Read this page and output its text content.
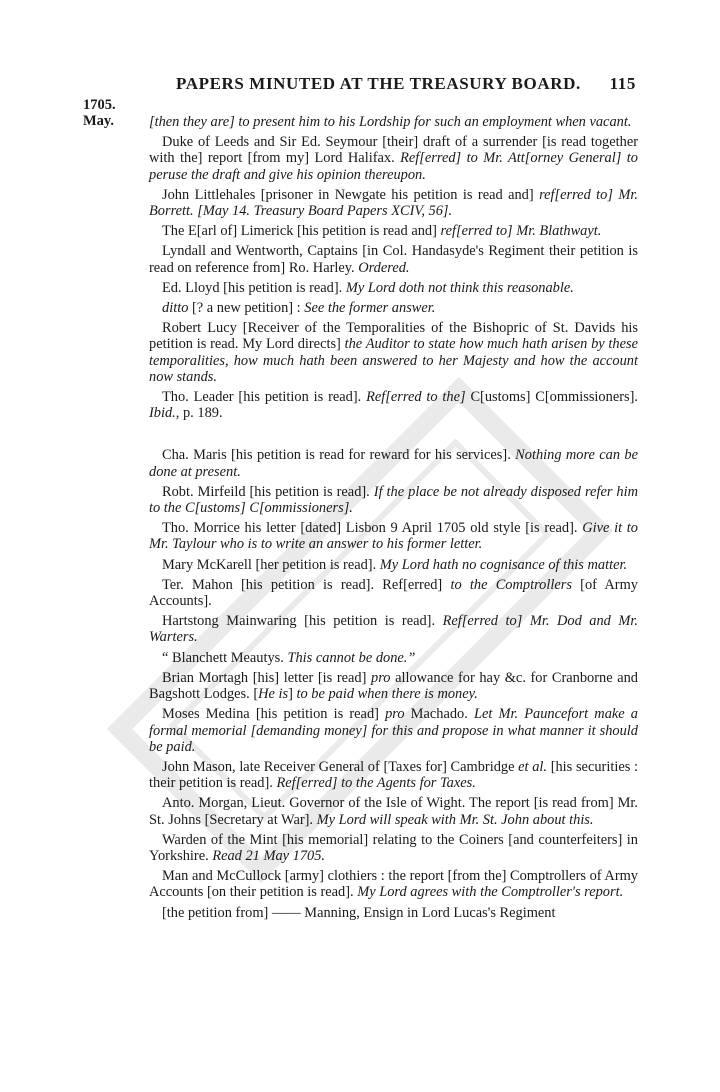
PAPERS MINUTED AT THE TREASURY BOARD. 115
1705.
May. [then they are] to present him to his Lordship for such an employment when vacant.

Duke of Leeds and Sir Ed. Seymour [their] draft of a surrender [is read together with the] report [from my] Lord Halifax. Ref[erred] to Mr. Att[orney General] to peruse the draft and give his opinion thereupon.

John Littlehales [prisoner in Newgate his petition is read and] ref[erred to] Mr. Borrett. [May 14. Treasury Board Papers XCIV, 56].

The E[arl of] Limerick [his petition is read and] ref[erred to] Mr. Blathwayt.

Lyndall and Wentworth, Captains [in Col. Handasyde's Regiment their petition is read on reference from] Ro. Harley. Ordered.

Ed. Lloyd [his petition is read]. My Lord doth not think this reasonable.

ditto [? a new petition] : See the former answer.

Robert Lucy [Receiver of the Temporalities of the Bishopric of St. Davids his petition is read. My Lord directs] the Auditor to state how much hath arisen by these temporalities, how much hath been answered to her Majesty and how the account now stands.

Tho. Leader [his petition is read]. Ref[erred to the] C[ustoms] C[ommissioners]. Ibid., p. 189.

Cha. Maris [his petition is read for reward for his services]. Nothing more can be done at present.

Robt. Mirfeild [his petition is read]. If the place be not already disposed refer him to the C[ustoms] C[ommissioners].

Tho. Morrice his letter [dated] Lisbon 9 April 1705 old style [is read]. Give it to Mr. Taylour who is to write an answer to his former letter.

Mary McKarell [her petition is read]. My Lord hath no cognisance of this matter.

Ter. Mahon [his petition is read]. Ref[erred] to the Comptrollers [of Army Accounts].

Hartstong Mainwaring [his petition is read]. Ref[erred to] Mr. Dod and Mr. Warters.

“ Blanchett Meautys. This cannot be done.”

Brian Mortagh [his] letter [is read] pro allowance for hay &c. for Cranborne and Bagshott Lodges. [He is] to be paid when there is money.

Moses Medina [his petition is read] pro Machado. Let Mr. Pauncefort make a formal memorial [demanding money] for this and propose in what manner it should be paid.

John Mason, late Receiver General of [Taxes for] Cambridge et al. [his securities : their petition is read]. Ref[erred] to the Agents for Taxes.

Anto. Morgan, Lieut. Governor of the Isle of Wight. The report [is read from] Mr. St. Johns [Secretary at War]. My Lord will speak with Mr. St. John about this.

Warden of the Mint [his memorial] relating to the Coiners [and counterfeiters] in Yorkshire. Read 21 May 1705.

Man and McCullock [army] clothiers : the report [from the] Comptrollers of Army Accounts [on their petition is read]. My Lord agrees with the Comptroller's report.

[the petition from] —— Manning, Ensign in Lord Lucas's Regiment
